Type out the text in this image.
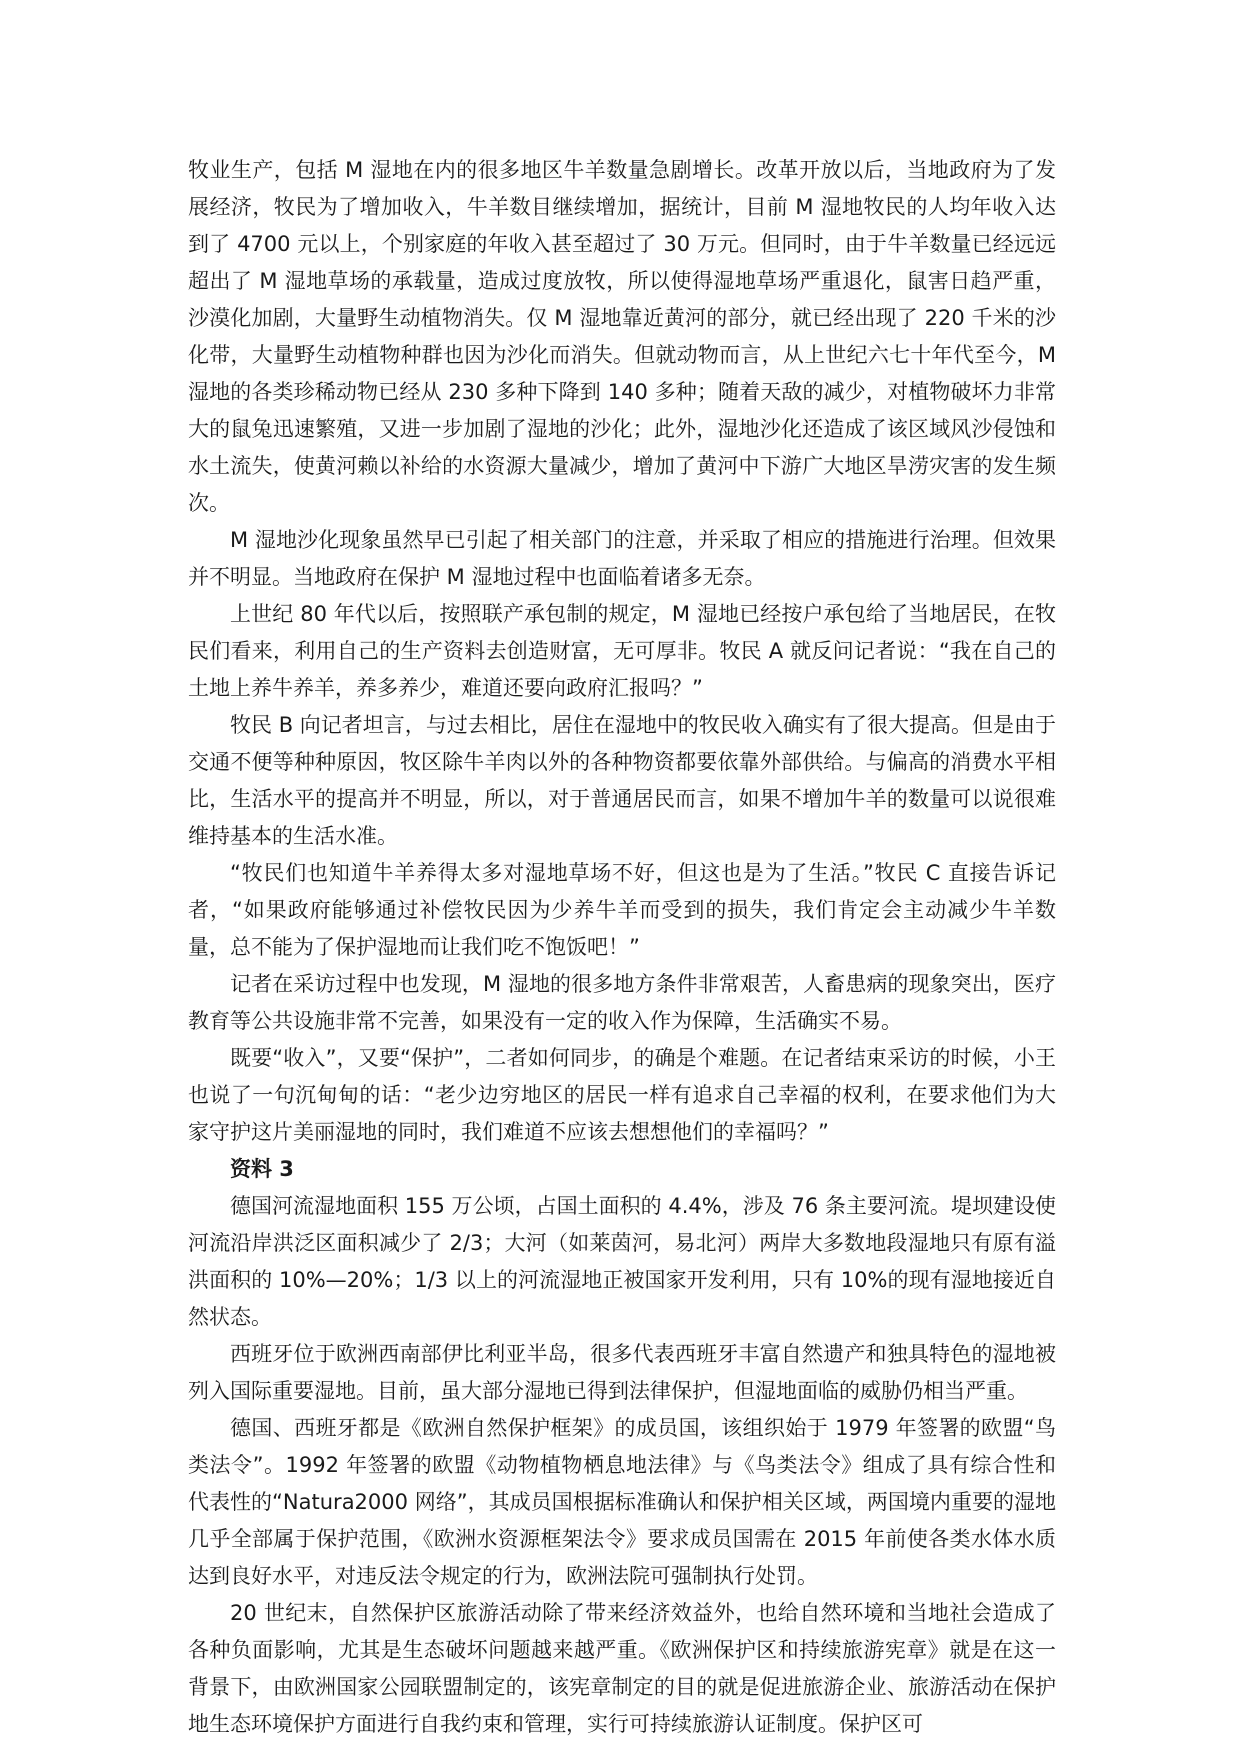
牧业生产，包括 M 湿地在内的很多地区牛羊数量急剧增长。改革开放以后，当地政府为了发展经济，牧民为了增加收入，牛羊数目继续增加，据统计，目前 M 湿地牧民的人均年收入达到了 4700 元以上，个别家庭的年收入甚至超过了 30 万元。但同时，由于牛羊数量已经远远超出了 M 湿地草场的承载量，造成过度放牧，所以使得湿地草场严重退化，鼠害日趋严重，沙漠化加剧，大量野生动植物消失。仅 M 湿地靠近黄河的部分，就已经出现了 220 千米的沙化带，大量野生动植物种群也因为沙化而消失。但就动物而言，从上世纪六七十年代至今，M 湿地的各类珍稀动物已经从 230 多种下降到 140 多种；随着天敌的减少，对植物破坏力非常大的鼠兔迅速繁殖，又进一步加剧了湿地的沙化；此外，湿地沙化还造成了该区域风沙侵蚀和水土流失，使黄河赖以补给的水资源大量减少，增加了黄河中下游广大地区旱涝灾害的发生频次。

M 湿地沙化现象虽然早已引起了相关部门的注意，并采取了相应的措施进行治理。但效果并不明显。当地政府在保护 M 湿地过程中也面临着诸多无奈。

上世纪 80 年代以后，按照联产承包制的规定，M 湿地已经按户承包给了当地居民，在牧民们看来，利用自己的生产资料去创造财富，无可厚非。牧民 A 就反问记者说：“我在自己的土地上养牛养羊，养多养少，难道还要向政府汇报吗？”

牧民 B 向记者坦言，与过去相比，居住在湿地中的牧民收入确实有了很大提高。但是由于交通不便等种种原因，牧区除牛羊肉以外的各种物资都要依靠外部供给。与偏高的消费水平相比，生活水平的提高并不明显，所以，对于普通居民而言，如果不增加牛羊的数量可以说很难维持基本的生活水准。

“牧民们也知道牛羊养得太多对湿地草场不好，但这也是为了生活。”牧民 C 直接告诉记者，“如果政府能够通过补偿牧民因为少养牛羊而受到的损失，我们肯定会主动减少牛羊数量，总不能为了保护湿地而让我们吃不饱饭吧！”

记者在采访过程中也发现，M 湿地的很多地方条件非常艰苦，人畜患病的现象突出，医疗教育等公共设施非常不完善，如果没有一定的收入作为保障，生活确实不易。

既要“收入”，又要“保护”，二者如何同步，的确是个难题。在记者结束采访的时候，小王也说了一句沉甸甸的话：“老少边穷地区的居民一样有追求自己幸福的权利，在要求他们为大家守护这片美丽湿地的同时，我们难道不应该去想想他们的幸福吗？”

资料 3

德国河流湿地面积 155 万公顷，占国土面积的 4.4%，涉及 76 条主要河流。堤坝建设使河流沿岸洪泛区面积减少了 2/3；大河（如莱茵河，易北河）两岸大多数地段湿地只有原有溢洪面积的 10%—20%；1/3 以上的河流湿地正被国家开发利用，只有 10%的现有湿地接近自然状态。

西班牙位于欧洲西南部伊比利亚半岛，很多代表西班牙丰富自然遗产和独具特色的湿地被列入国际重要湿地。目前，虽大部分湿地已得到法律保护，但湿地面临的威胁仍相当严重。

德国、西班牙都是《欧洲自然保护框架》的成员国，该组织始于 1979 年签署的欧盟“鸟类法令”。1992 年签署的欧盟《动物植物栖息地法律》与《鸟类法令》组成了具有综合性和代表性的“Natura2000 网络”，其成员国根据标准确认和保护相关区域，两国境内重要的湿地几乎全部属于保护范围，《欧洲水资源框架法令》要求成员国需在 2015 年前使各类水体水质达到良好水平，对违反法令规定的行为，欧洲法院可强制执行处罚。

20 世纪末，自然保护区旅游活动除了带来经济效益外，也给自然环境和当地社会造成了各种负面影响，尤其是生态破坏问题越来越严重。《欧洲保护区和持续旅游宪章》就是在这一背景下，由欧洲国家公园联盟制定的，该宪章制定的目的就是促进旅游企业、旅游活动在保护地生态环境保护方面进行自我约束和管理，实行可持续旅游认证制度。保护区可
